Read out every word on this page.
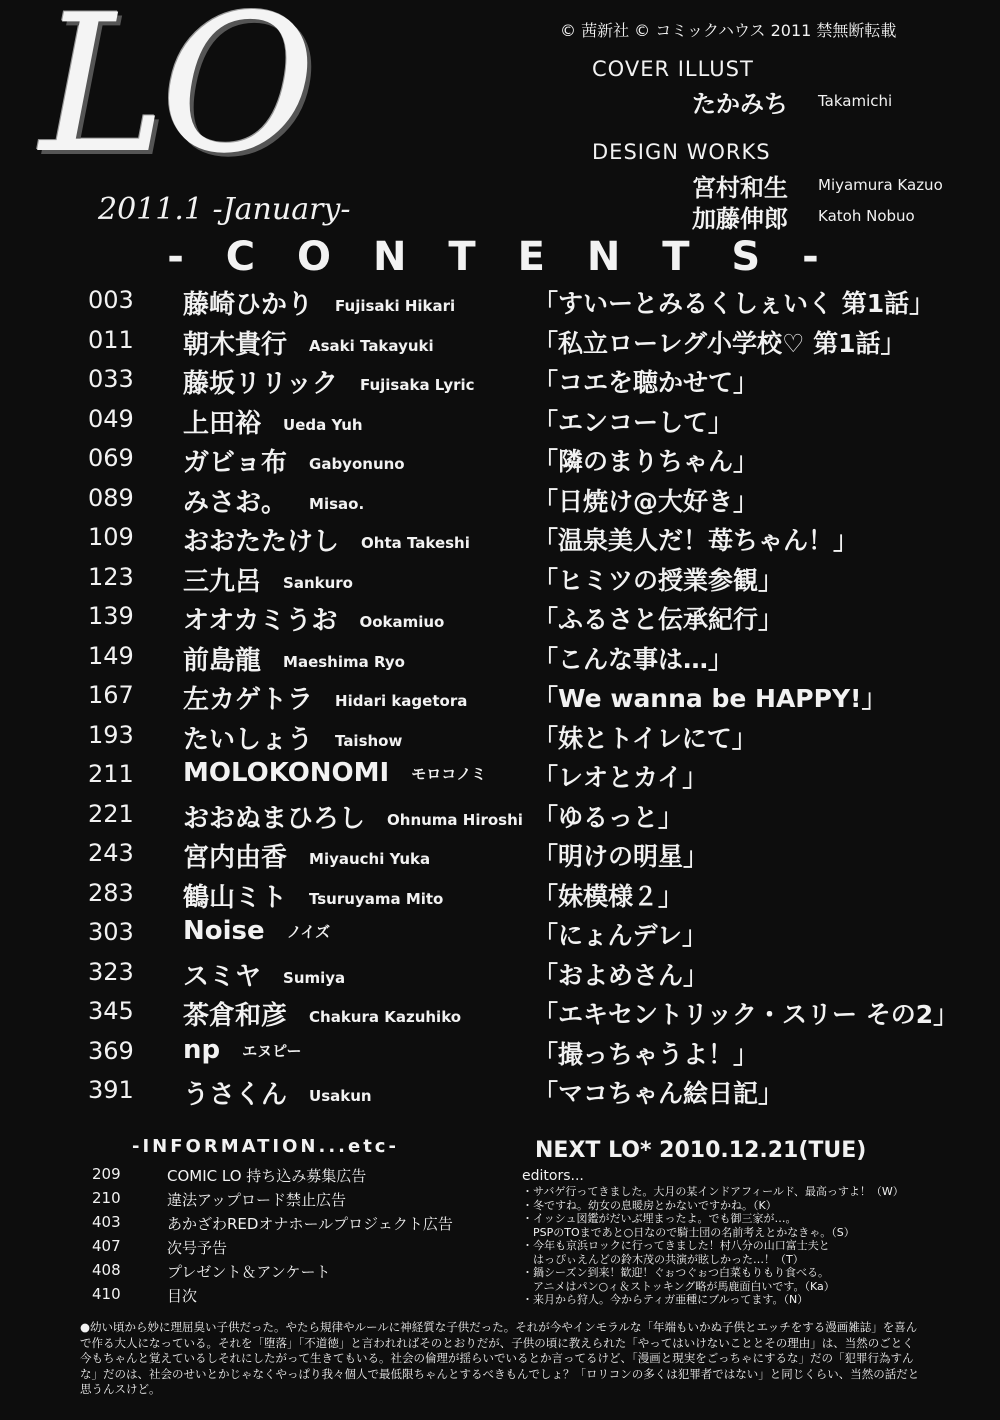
LO
2011.1 -January-
© 茜新社 © コミックハウス 2011 禁無断転載
COVER ILLUST
たかみち Takamichi
DESIGN WORKS
宮村和生 Miyamura Kazuo
加藤伸郎 Katoh Nobuo
- C O N T E N T S -
003 藤崎ひかり Fujisaki Hikari	「すいーとみるくしぇいく 第1話」
011 朝木貴行 Asaki Takayuki	「私立ローレグ小学校♡ 第1話」
033 藤坂リリック Fujisaka Lyric 「コエを聴かせて」
049 上田裕 Ueda Yuh	「エンコーして」
069 ガビョ布 Gabyonuno	「隣のまりちゃん」
089 みさお。 Misao.	「日焼け@大好き」
109 おおたたけし Ohta Takeshi	「温泉美人だ！苺ちゃん！」
123 三九呂 Sankuro	「ヒミツの授業参観」
139 オオカミうお Ookamiuo	「ふるさと伝承紀行」
149 前島龍 Maeshima Ryo	「こんな事は…」
167 左カゲトラ Hidari kagetora	「We wanna be HAPPY!」
193 たいしょう Taishow	「妹とトイレにて」
211 MOLOKONOMI モロコノミ 「レオとカイ」
221 おおぬまひろし Ohnuma Hiroshi 「ゆるっと」
243 宮内由香 Miyauchi Yuka	「明けの明星」
283 鶴山ミト Tsuruyama Mito	「妹模様２」
303 Noise ノイズ	「にょんデレ」
323 スミヤ Sumiya	「およめさん」
345 茶倉和彦 Chakura Kazuhiko	「エキセントリック・スリー その2」
369 np エヌピー	「撮っちゃうよ！」
391 うさくん Usakun	「マコちゃん絵日記」
-INFORMATION...etc-
209	COMIC LO 持ち込み募集広告
210	違法アップロード禁止広告
403	あかざわREDオナホールプロジェクト広告
407	次号予告
408	プレゼント＆アンケート
410	目次
NEXT LO* 2010.12.21(TUE)
editors...
・サバゲ行ってきました。大月の某インドアフィールド、最高っすよ！（W）
・冬ですね。幼女の息暖房とかないですかね。（K）
・イッシュ図鑑がだいぶ埋まったよ。でも御三家が…。
　PSPのTOまであと○日なので騎士団の名前考えとかなきゃ。（S）
・今年も京浜ロックに行ってきました！村八分の山口富士夫と
　はっぴぃえんどの鈴木茂の共演が眩しかった…！（T）
・鍋シーズン到来！歓迎！ぐぉつぐぉつ白菜もりもり食べる。
　アニメはパン○ィ＆ストッキング略が馬鹿面白いです。（Ka）
・来月から狩人。今からティガ亜種にブルってます。（N）
●幼い頃から妙に理屈臭い子供だった。やたら規律やルールに神経質な子供だった。それが今やインモラルな「年端もいかぬ子供とエッチをする漫画雑誌」を喜んで作る大人になっている。それを「堕落」「不道徳」と言われればそのとおりだが、子供の頃に教えられた「やってはいけないこととその理由」は、当然のごとく今もちゃんと覚えているしそれにしたがって生きてもいる。社会の倫理が揺らいでいるとか言ってるけど、「漫画と現実をごっちゃにするな」だの「犯罪行為すんな」だのは、社会のせいとかじゃなくやっぱり我々個人で最低限ちゃんとするべきもんでしょ？「ロリコンの多くは犯罪者ではない」と同じくらい、当然の話だと思うんスけど。
